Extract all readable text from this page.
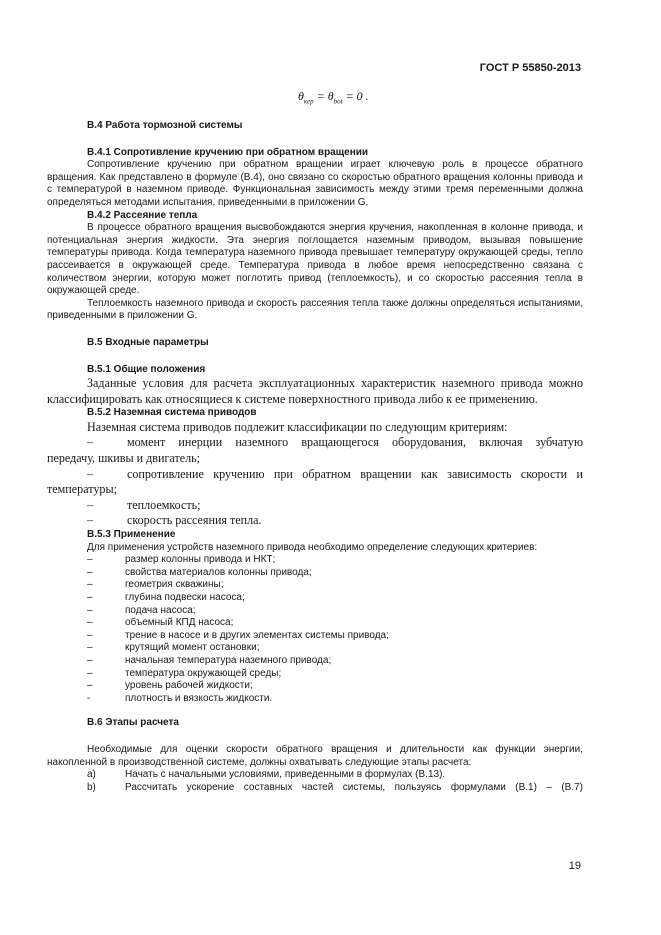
ГОСТ Р 55850-2013
$\theta_{кер} = \theta_{bot} = 0$ .
В.4 Работа тормозной системы
В.4.1 Сопротивление кручению при обратном вращении

Сопротивление кручению при обратном вращении играет ключевую роль в процессе обратного вращения. Как представлено в формуле (В.4), оно связано со скоростью обратного вращения колонны привода и с температурой в наземном приводе. Функциональная зависимость между этими тремя переменными должна определяться методами испытания, приведенными в приложении G.

В.4.2 Рассеяние тепла

В процессе обратного вращения высвобождаются энергия кручения, накопленная в колонне привода, и потенциальная энергия жидкости. Эта энергия поглощается наземным приводом, вызывая повышение температуры привода. Когда температура наземного привода превышает температуру окружающей среды, тепло рассеивается в окружающей среде. Температура привода в любое время непосредственно связана с количеством энергии, которую может поглотить привод (теплоемкость), и со скоростью рассеяния тепла в окружающей среде.

Теплоемкость наземного привода и скорость рассеяния тепла также должны определяться испытаниями, приведенными в приложении G.

В.5 Входные параметры
В.5.1 Общие положения

Заданные условия для расчета эксплуатационных характеристик наземного привода можно классифицировать как относящиеся к системе поверхностного привода либо к ее применению.

В.5.2 Наземная система приводов

Наземная система приводов подлежит классификации по следующим критериям:

–	момент инерции наземного вращающегося оборудования, включая зубчатую
передачу, шкивы и двигатель;
–	сопротивление кручению при обратном вращении как зависимость скорости и
температуры;
–	теплоемкость;
–	скорость рассеяния тепла.
В.5.3 Применение

Для применения устройств наземного привода необходимо определение следующих критериев:

–	размер колонны привода и НКТ;
–	свойства материалов колонны привода;
–	геометрия скважины;
–	глубина подвески насоса;
–	подача насоса;
–	объемный КПД насоса;
–	трение в насосе и в других элементах системы привода;
–	крутящий момент остановки;
–	начальная температура наземного привода;
–	температура окружающей среды;
–	уровень рабочей жидкости;
-	плотность и вязкость жидкости.
В.6 Этапы расчета

Необходимые для оценки скорости обратного вращения и длительности как функции энергии, накопленной в производственной системе, должны охватывать следующие этапы расчета:

a)	Начать с начальными условиями, приведенными в формулах (В.13).
b)	Рассчитать ускорение составных частей системы, пользуясь формулами (В.1) – (В.7)
19
